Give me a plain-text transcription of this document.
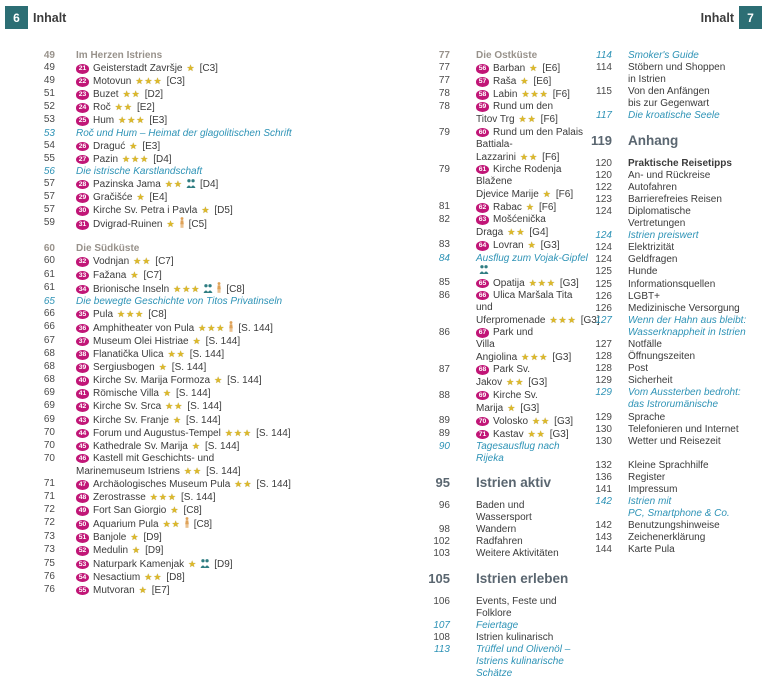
6	Inhalt	Inhalt	7
49 Im Herzen Istriens
49	21 Geisterstadt Završje ★ [C3]
49	22 Motovun ★★★ [C3]
51	23 Buzet ★★ [D2]
52	24 Roč ★★ [E2]
53	25 Hum ★★★ [E3]
53 Roč und Hum – Heimat der glagolitischen Schrift
54	26 Draguć ★ [E3]
55	27 Pazin ★★★ [D4]
56 Die istrische Karstlandschaft
57	28 Pazinska Jama ★★ [D4]
57	29 Gračišće ★ [E4]
57	30 Kirche Sv. Petra i Pavla ★ [D5]
59	31 Dvigrad-Ruinen ★ [C5]
60 Die Südküste
60	32 Vodnjan ★★ [C7]
61	33 Fažana ★ [C7]
61	34 Brionische Inseln ★★★	[C8]
65 Die bewegte Geschichte von Titos Privatinseln
66	35 Pula ★★★ [C8]
66	36 Amphitheater von Pula ★★★ [S. 144]
67	37 Museum Olei Histriae ★ [S. 144]
68	38 Flanatička Ulica ★★ [S. 144]
68	39 Sergiusbogen ★ [S. 144]
68	40 Kirche Sv. Marija Formoza ★ [S. 144]
69	41 Römische Villa ★ [S. 144]
69	42 Kirche Sv. Srca ★★ [S. 144]
69	43 Kirche Sv. Franje ★ [S. 144]
70	44 Forum und Augustus-Tempel ★★★ [S. 144]
70	45 Kathedrale Sv. Marija ★ [S. 144]
70	46 Kastell mit Geschichts- und
Marinemuseum Istriens ★★ [S. 144]
71	47 Archäologisches Museum Pula ★★ [S. 144]
71	48 Zerostrasse ★★★ [S. 144]
72	49 Fort San Giorgio ★ [C8]
72	50 Aquarium Pula ★★ [C8]
73	51 Banjole ★ [D9]
73	52 Medulin ★ [D9]
75	53 Naturpark Kamenjak ★ [D9]
76	54 Nesactium ★★ [D8]
76	55 Mutvoran ★ [E7]
77	Die Ostküste
77	56 Barban ★ [E6]
77	57 Raša ★ [E6]
78	58 Labin ★★★ [F6]
78	59 Rund um den
Titov Trg ★★ [F6]
79	60 Rund um den Palais
Battiala-Lazzarini ★★ [F6]
79	61 Kirche Rodenja Blažene
Djevice Marije ★ [F6]
81	62 Rabac ★ [F6]
82	63 Mošćenička
Draga ★★ [G4]
83	64 Lovran ★ [G3]
84	Ausflug zum Vojak-Gipfel
85	65 Opatija ★★★ [G3]
86	66 Ulica Maršala Tita und
Uferpromenade ★★★ [G3]
86	67 Park und
Villa Angiolina ★★★ [G3]
87	68 Park Sv. Jakov ★★ [G3]
88	69 Kirche Sv. Marija ★ [G3]
89	70 Volosko ★★ [G3]
89	71 Kastav ★★ [G3]
90	Tagesausflug nach
Rijeka
95 Istrien aktiv
96	Baden und
Wassersport
98	Wandern
102	Radfahren
103	Weitere Aktivitäten
105 Istrien erleben
106	Events, Feste und Folklore
107	Feiertage
108	Istrien kulinarisch
113	Trüffel und Olivenöl –
Istriens kulinarische Schätze
114 Smoker's Guide
114 Stöbern und Shoppen
in Istrien
115 Von den Anfängen
bis zur Gegenwart
117 Die kroatische Seele
119 Anhang
120 Praktische Reisetipps
120 An- und Rückreise
122 Autofahren
123 Barrierefreies Reisen
124 Diplomatische
Vertretungen
124 Istrien preiswert
124 Elektrizität
124 Geldfragen
125 Hunde
125 Informationsquellen
126 LGBT+
126 Medizinische Versorgung
127 Wenn der Hahn aus bleibt:
Wasserknappheit in Istrien
127 Notfälle
128 Öffnungszeiten
128 Post
129 Sicherheit
129 Vom Aussterben bedroht:
das Istrorumänische
129 Sprache
130 Telefonieren und Internet
130 Wetter und Reisezeit
132 Kleine Sprachhilfe
136 Register
141 Impressum
142 Istrien mit
PC, Smartphone & Co.
142 Benutzungshinweise
143 Zeichenerklärung
144 Karte Pula
